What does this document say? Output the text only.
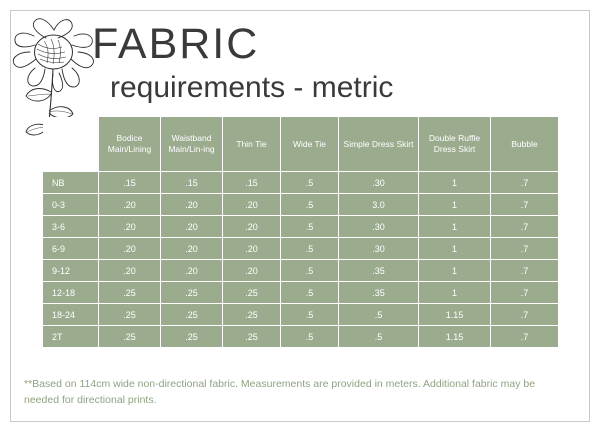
FABRIC
requirements - metric
	Bodice Main/Lining	Waistband Main/Lin-ing	Thin Tie	Wide Tie	Simple Dress Skirt	Double Ruffle Dress Skirt	Bubble
NB	.15	.15	.15	.5	.30	1	.7
0-3	.20	.20	.20	.5	3.0	1	.7
3-6	.20	.20	.20	.5	.30	1	.7
6-9	.20	.20	.20	.5	.30	1	.7
9-12	.20	.20	.20	.5	.35	1	.7
12-18	.25	.25	.25	.5	.35	1	.7
18-24	.25	.25	.25	.5	.5	1.15	.7
2T	.25	.25	.25	.5	.5	1.15	.7
**Based on 114cm wide non-directional fabric. Measurements are provided in meters. Additional fabric may be needed for directional prints.
